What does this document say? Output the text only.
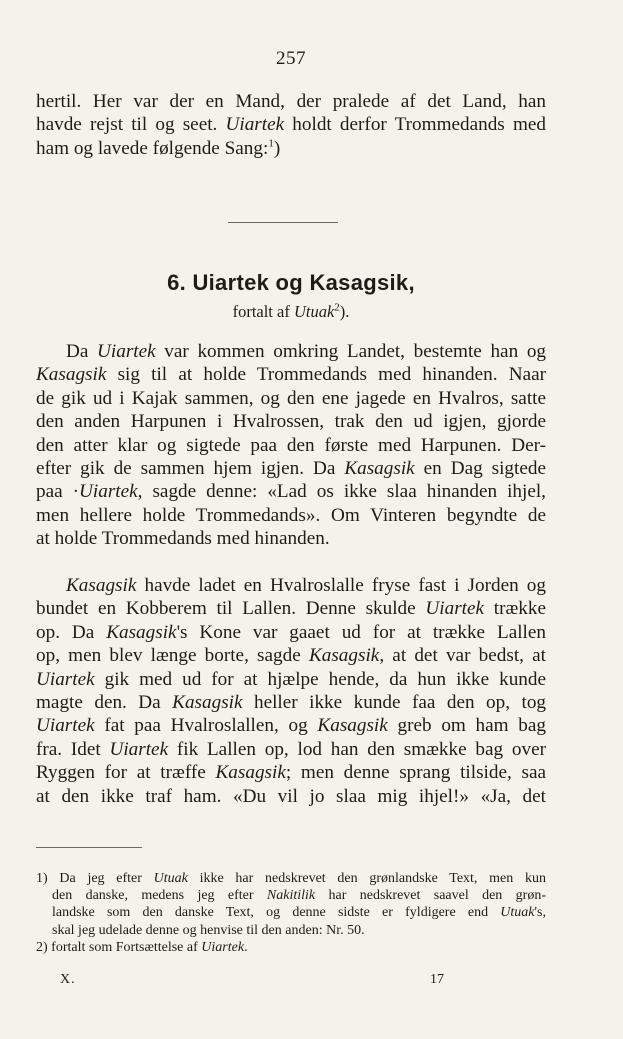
257

hertil. Her var der en Mand, der pralede af det Land, han
havde rejst til og seet. Uiartek holdt derfor Trommedands med
ham og lavede følgende Sang:$^1$)

6. Uiartek og Kasagsik,
fortalt af Utuak$^2$).

Da Uiartek var kommen omkring Landet, bestemte han og
Kasagsik sig til at holde Trommedands med hinanden. Naar
de gik ud i Kajak sammen, og den ene jagede en Hvalros, satte
den anden Harpunen i Hvalrossen, trak den ud igjen, gjorde
den atter klar og sigtede paa den første med Harpunen. Der-
efter gik de sammen hjem igjen. Da Kasagsik en Dag sigtede
paa ·Uiartek, sagde denne: «Lad os ikke slaa hinanden ihjel,
men hellere holde Trommedands». Om Vinteren begyndte de
at holde Trommedands med hinanden.

Kasagsik havde ladet en Hvalroslalle fryse fast i Jorden og
bundet en Kobberem til Lallen. Denne skulde Uiartek trække
op. Da Kasagsik's Kone var gaaet ud for at trække Lallen
op, men blev længe borte, sagde Kasagsik, at det var bedst, at
Uiartek gik med ud for at hjælpe hende, da hun ikke kunde
magte den. Da Kasagsik heller ikke kunde faa den op, tog
Uiartek fat paa Hvalroslallen, og Kasagsik greb om ham bag
fra. Idet Uiartek fik Lallen op, lod han den smække bag over
Ryggen for at træffe Kasagsik; men denne sprang tilside, saa
at den ikke traf ham. «Du vil jo slaa mig ihjel!» «Ja, det

1) Da jeg efter Utuak ikke har nedskrevet den grønlandske Text, men kun
den danske, medens jeg efter Nakitilik har nedskrevet saavel den grøn-
landske som den danske Text, og denne sidste er fyldigere end Utuak's,
skal jeg udelade denne og henvise til den anden: Nr. 50.
2) fortalt som Fortsættelse af Uiartek.

X.	17
